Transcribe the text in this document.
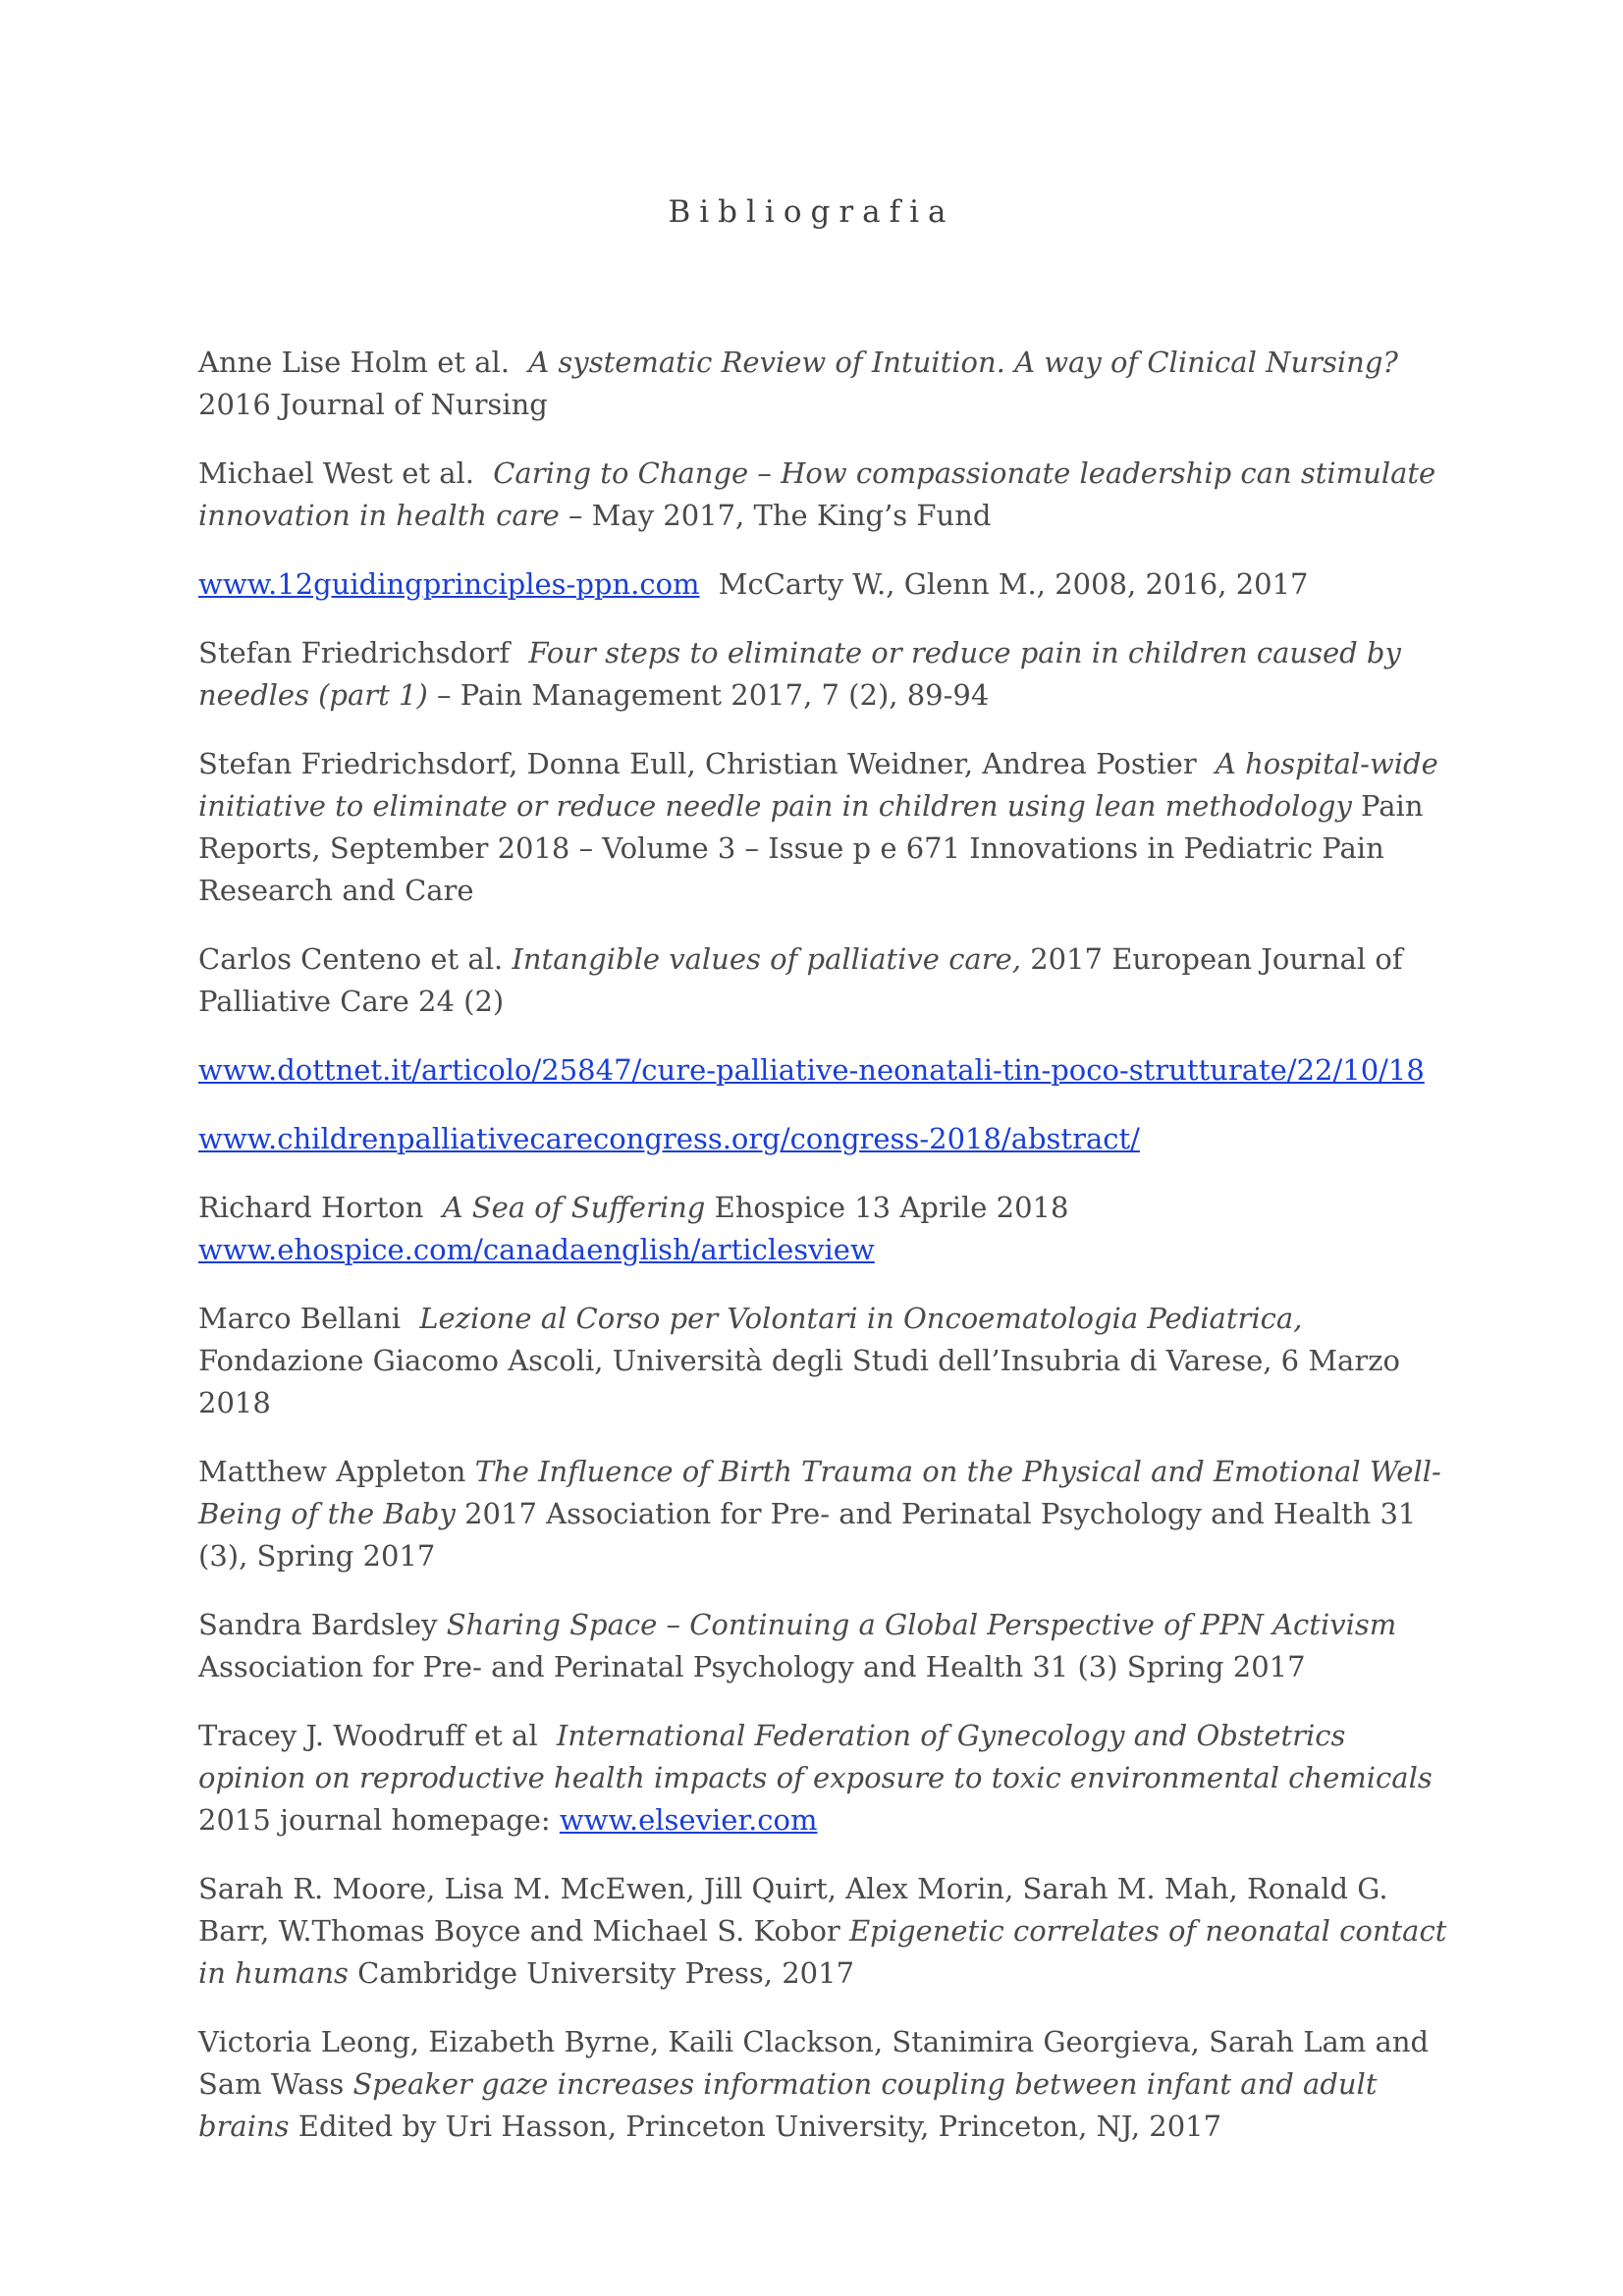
Bibliografia

Anne Lise Holm et al. A systematic Review of Intuition. A way of Clinical Nursing? 2016 Journal of Nursing

Michael West et al. Caring to Change – How compassionate leadership can stimulate innovation in health care – May 2017, The King’s Fund

www.12guidingprinciples-ppn.com McCarty W., Glenn M., 2008, 2016, 2017

Stefan Friedrichsdorf Four steps to eliminate or reduce pain in children caused by needles (part 1) – Pain Management 2017, 7 (2), 89-94

Stefan Friedrichsdorf, Donna Eull, Christian Weidner, Andrea Postier A hospital-wide initiative to eliminate or reduce needle pain in children using lean methodology Pain Reports, September 2018 – Volume 3 – Issue p e 671 Innovations in Pediatric Pain Research and Care

Carlos Centeno et al. Intangible values of palliative care, 2017 European Journal of Palliative Care 24 (2)

www.dottnet.it/articolo/25847/cure-palliative-neonatali-tin-poco-strutturate/22/10/18

www.childrenpalliativecarecongress.org/congress-2018/abstract/

Richard Horton A Sea of Suffering Ehospice 13 Aprile 2018
www.ehospice.com/canadaenglish/articlesview

Marco Bellani Lezione al Corso per Volontari in Oncoematologia Pediatrica, Fondazione Giacomo Ascoli, Università degli Studi dell’Insubria di Varese, 6 Marzo 2018

Matthew Appleton The Influence of Birth Trauma on the Physical and Emotional Well-Being of the Baby 2017 Association for Pre- and Perinatal Psychology and Health 31 (3), Spring 2017

Sandra Bardsley Sharing Space – Continuing a Global Perspective of PPN Activism Association for Pre- and Perinatal Psychology and Health 31 (3) Spring 2017

Tracey J. Woodruff et al International Federation of Gynecology and Obstetrics opinion on reproductive health impacts of exposure to toxic environmental chemicals 2015 journal homepage: www.elsevier.com

Sarah R. Moore, Lisa M. McEwen, Jill Quirt, Alex Morin, Sarah M. Mah, Ronald G. Barr, W.Thomas Boyce and Michael S. Kobor Epigenetic correlates of neonatal contact in humans Cambridge University Press, 2017

Victoria Leong, Eizabeth Byrne, Kaili Clackson, Stanimira Georgieva, Sarah Lam and Sam Wass Speaker gaze increases information coupling between infant and adult brains Edited by Uri Hasson, Princeton University, Princeton, NJ, 2017
